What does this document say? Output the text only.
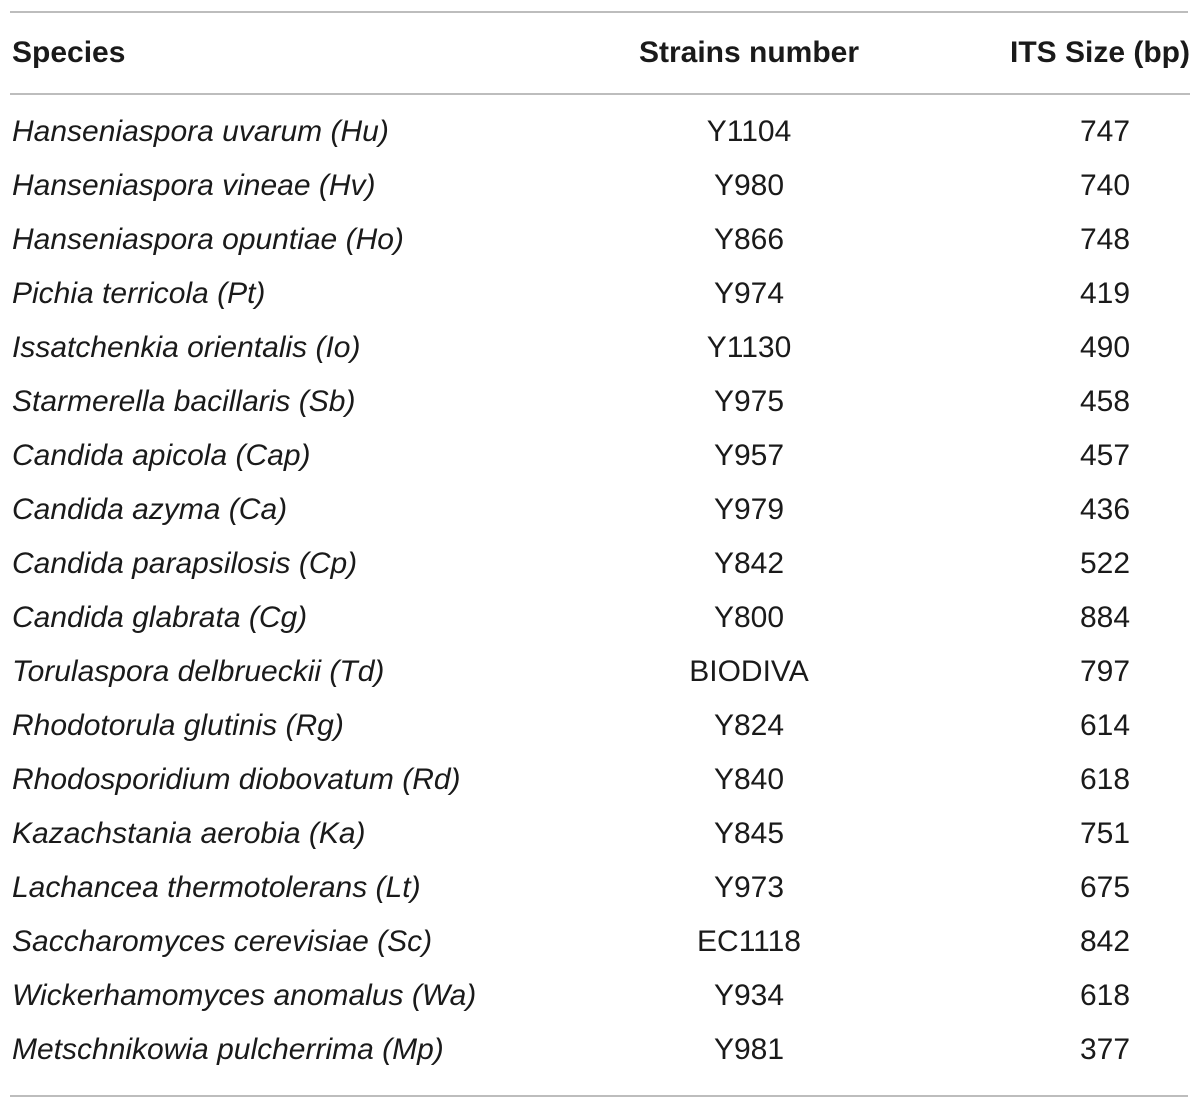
Species	Strains number	ITS Size (bp)
Hanseniaspora uvarum (Hu)	Y1104	747
Hanseniaspora vineae (Hv)	Y980	740
Hanseniaspora opuntiae (Ho)	Y866	748
Pichia terricola (Pt)	Y974	419
Issatchenkia orientalis (Io)	Y1130	490
Starmerella bacillaris (Sb)	Y975	458
Candida apicola (Cap)	Y957	457
Candida azyma (Ca)	Y979	436
Candida parapsilosis (Cp)	Y842	522
Candida glabrata (Cg)	Y800	884
Torulaspora delbrueckii (Td)	BIODIVA	797
Rhodotorula glutinis (Rg)	Y824	614
Rhodosporidium diobovatum (Rd)	Y840	618
Kazachstania aerobia (Ka)	Y845	751
Lachancea thermotolerans (Lt)	Y973	675
Saccharomyces cerevisiae (Sc)	EC1118	842
Wickerhamomyces anomalus (Wa)	Y934	618
Metschnikowia pulcherrima (Mp)	Y981	377
